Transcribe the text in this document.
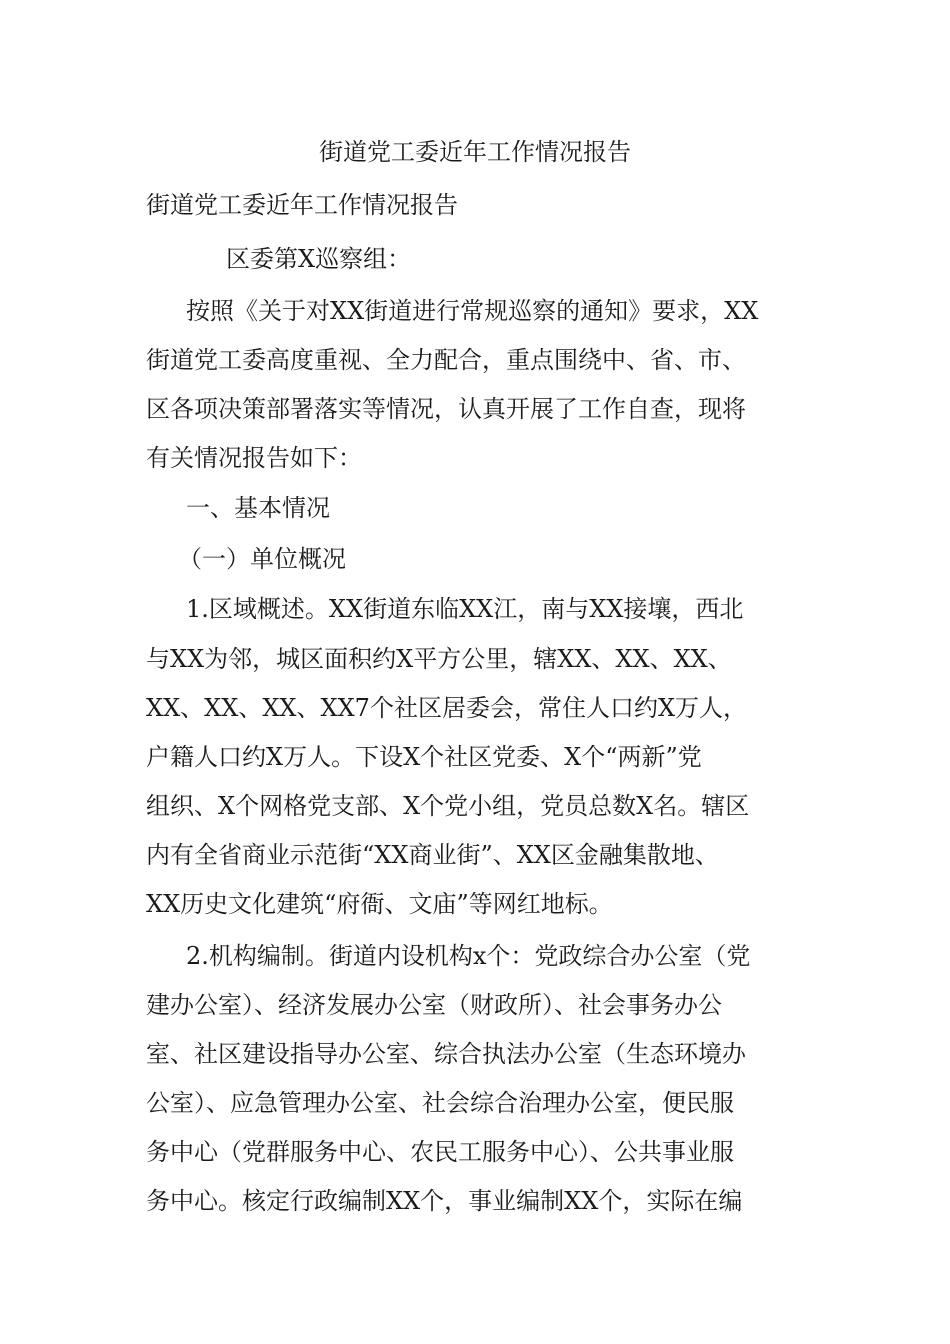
街道党工委近年工作情况报告

街道党工委近年工作情况报告

区委第X巡察组：

按照《关于对XX街道进行常规巡察的通知》要求，XX

街道党工委高度重视、全力配合，重点围绕中、省、市、

区各项决策部署落实等情况，认真开展了工作自查，现将

有关情况报告如下：

一、基本情况

（一）单位概况

1.区域概述。XX街道东临XX江，南与XX接壤，西北

与XX为邻，城区面积约X平方公里，辖XX、XX、XX、

XX、XX、XX、XX7个社区居委会，常住人口约X万人，

户籍人口约X万人。下设X个社区党委、X个“两新”党

组织、X个网格党支部、X个党小组，党员总数X名。辖区

内有全省商业示范街“XX商业街”、XX区金融集散地、

XX历史文化建筑“府衙、文庙”等网红地标。

2.机构编制。街道内设机构x个：党政综合办公室（党

建办公室）、经济发展办公室（财政所）、社会事务办公

室、社区建设指导办公室、综合执法办公室（生态环境办

公室）、应急管理办公室、社会综合治理办公室，便民服

务中心（党群服务中心、农民工服务中心）、公共事业服

务中心。核定行政编制XX个，事业编制XX个，实际在编
